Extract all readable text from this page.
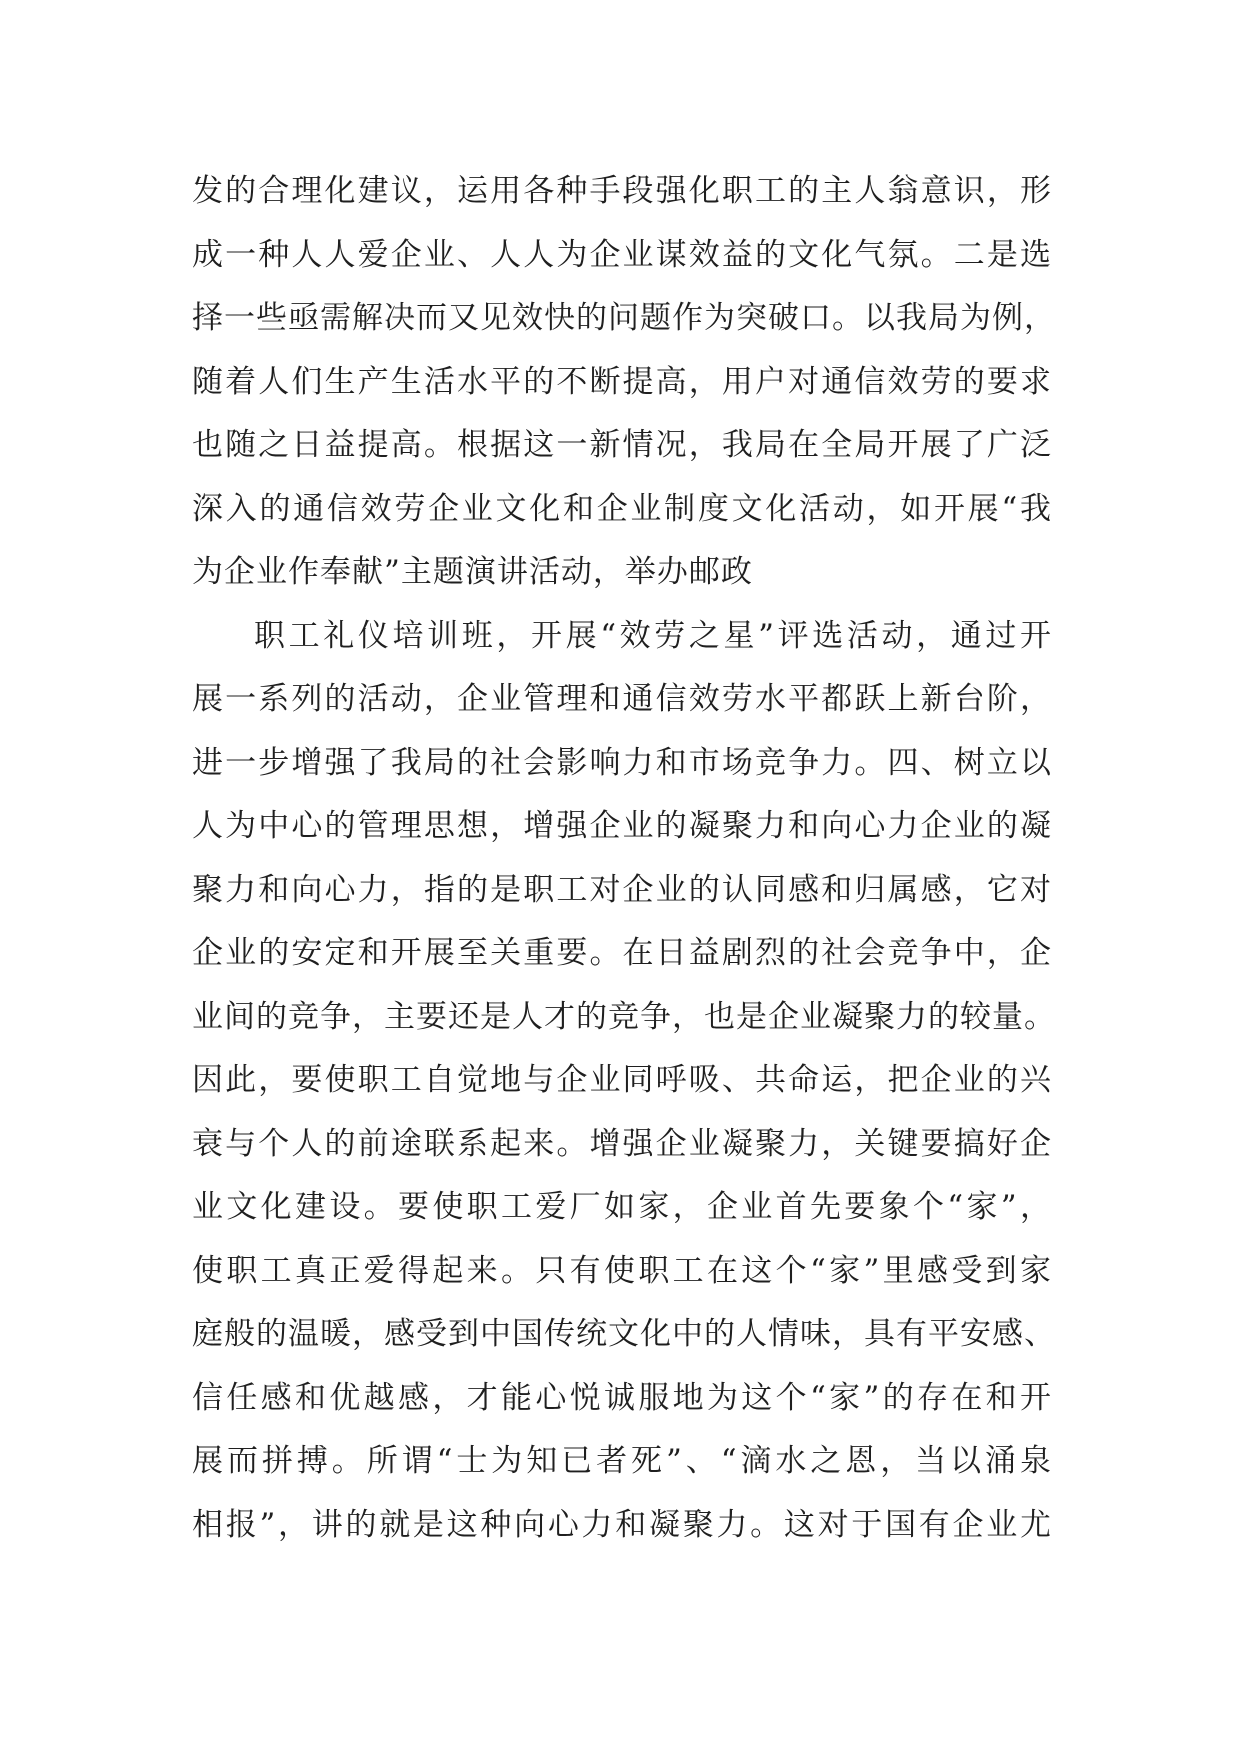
发的合理化建议，运用各种手段强化职工的主人翁意识，形
成一种人人爱企业、人人为企业谋效益的文化气氛。二是选
择一些亟需解决而又见效快的问题作为突破口。以我局为例，
随着人们生产生活水平的不断提高，用户对通信效劳的要求
也随之日益提高。根据这一新情况，我局在全局开展了广泛
深入的通信效劳企业文化和企业制度文化活动，如开展“我
为企业作奉献”主题演讲活动，举办邮政
职工礼仪培训班，开展“效劳之星”评选活动，通过开
展一系列的活动，企业管理和通信效劳水平都跃上新台阶，
进一步增强了我局的社会影响力和市场竞争力。四、树立以
人为中心的管理思想，增强企业的凝聚力和向心力企业的凝
聚力和向心力，指的是职工对企业的认同感和归属感，它对
企业的安定和开展至关重要。在日益剧烈的社会竞争中，企
业间的竞争，主要还是人才的竞争，也是企业凝聚力的较量。
因此，要使职工自觉地与企业同呼吸、共命运，把企业的兴
衰与个人的前途联系起来。增强企业凝聚力，关键要搞好企
业文化建设。要使职工爱厂如家，企业首先要象个“家”，
使职工真正爱得起来。只有使职工在这个“家”里感受到家
庭般的温暖，感受到中国传统文化中的人情味，具有平安感、
信任感和优越感，才能心悦诚服地为这个“家”的存在和开
展而拼搏。所谓“士为知已者死”、“滴水之恩，当以涌泉
相报”，讲的就是这种向心力和凝聚力。这对于国有企业尤
